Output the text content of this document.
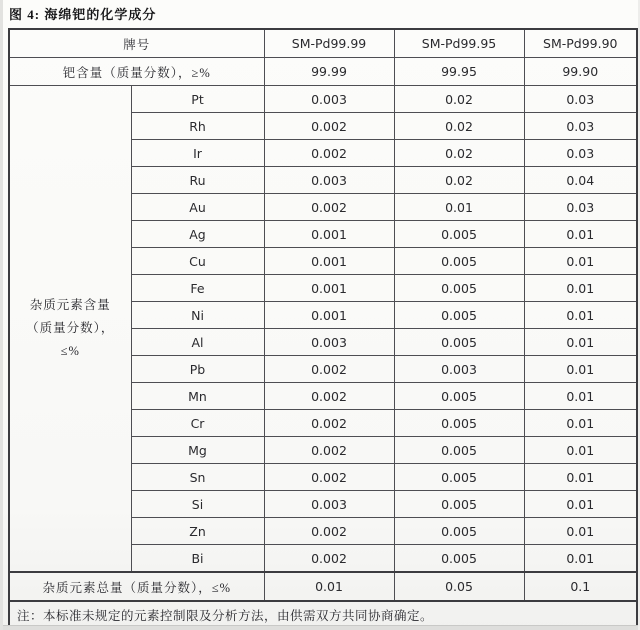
图 4: 海绵钯的化学成分
牌号		SM-Pd99.99	SM-Pd99.95	SM-Pd99.90
钯含量（质量分数），≥%		99.99	99.95	99.90

杂质元素含量
（质量分数），
≤%	Pt	0.003	0.02	0.03
	Rh	0.002	0.02	0.03
	Ir	0.002	0.02	0.03
	Ru	0.003	0.02	0.04
	Au	0.002	0.01	0.03
	Ag	0.001	0.005	0.01
	Cu	0.001	0.005	0.01
	Fe	0.001	0.005	0.01
	Ni	0.001	0.005	0.01
	Al	0.003	0.005	0.01
	Pb	0.002	0.003	0.01
	Mn	0.002	0.005	0.01
	Cr	0.002	0.005	0.01
	Mg	0.002	0.005	0.01
	Sn	0.002	0.005	0.01
	Si	0.003	0.005	0.01
	Zn	0.002	0.005	0.01
	Bi	0.002	0.005	0.01
杂质元素总量（质量分数），≤%		0.01	0.05	0.1
注：本标准未规定的元素控制限及分析方法，由供需双方共同协商确定。				
